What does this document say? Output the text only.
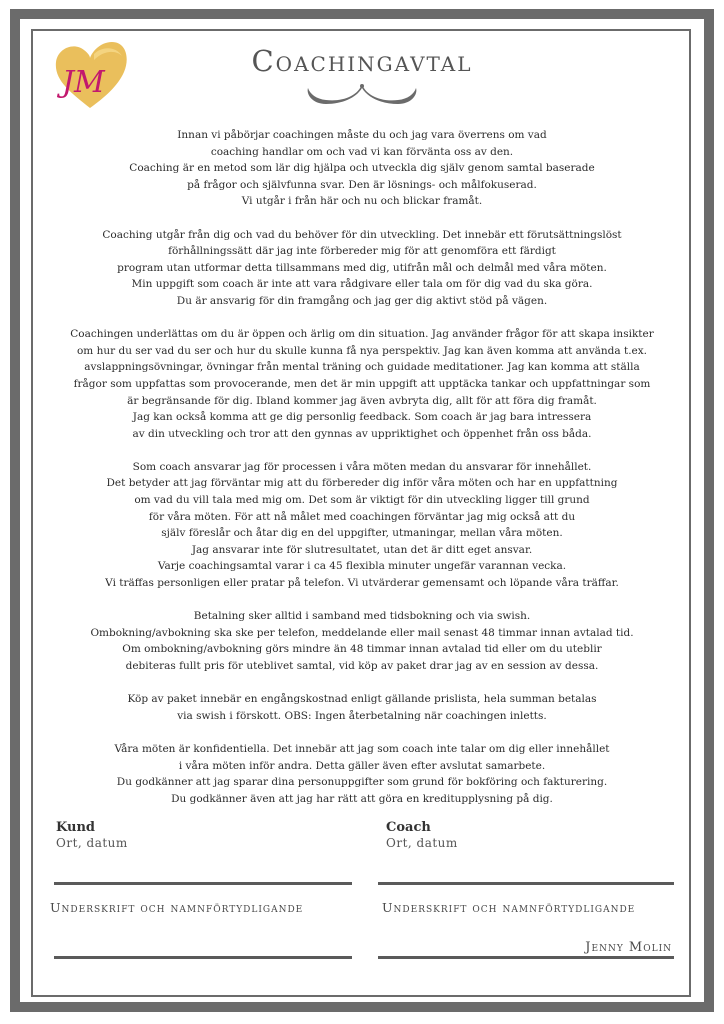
JM
Coachingavtal

Innan vi påbörjar coachingen måste du och jag vara överrens om vad
coaching handlar om och vad vi kan förvänta oss av den.
Coaching är en metod som lär dig hjälpa och utveckla dig själv genom samtal baserade
på frågor och självfunna svar. Den är lösnings- och målfokuserad.
Vi utgår i från här och nu och blickar framåt.

Coaching utgår från dig och vad du behöver för din utveckling. Det innebär ett förutsättningslöst
förhållningssätt där jag inte förbereder mig för att genomföra ett färdigt
program utan utformar detta tillsammans med dig, utifrån mål och delmål med våra möten.
Min uppgift som coach är inte att vara rådgivare eller tala om för dig vad du ska göra.
Du är ansvarig för din framgång och jag ger dig aktivt stöd på vägen.

Coachingen underlättas om du är öppen och ärlig om din situation. Jag använder frågor för att skapa insikter
om hur du ser vad du ser och hur du skulle kunna få nya perspektiv. Jag kan även komma att använda t.ex.
avslappningsövningar, övningar från mental träning och guidade meditationer. Jag kan komma att ställa
frågor som uppfattas som provocerande, men det är min uppgift att upptäcka tankar och uppfattningar som
är begränsande för dig. Ibland kommer jag även avbryta dig, allt för att föra dig framåt.
Jag kan också komma att ge dig personlig feedback. Som coach är jag bara intressera
av din utveckling och tror att den gynnas av uppriktighet och öppenhet från oss båda.

Som coach ansvarar jag för processen i våra möten medan du ansvarar för innehållet.
Det betyder att jag förväntar mig att du förbereder dig inför våra möten och har en uppfattning
om vad du vill tala med mig om. Det som är viktigt för din utveckling ligger till grund
för våra möten. För att nå målet med coachingen förväntar jag mig också att du
själv föreslår och åtar dig en del uppgifter, utmaningar, mellan våra möten.
Jag ansvarar inte för slutresultatet, utan det är ditt eget ansvar.
Varje coachingsamtal varar i ca 45 flexibla minuter ungefär varannan vecka.
Vi träffas personligen eller pratar på telefon. Vi utvärderar gemensamt och löpande våra träffar.

Betalning sker alltid i samband med tidsbokning och via swish.
Ombokning/avbokning ska ske per telefon, meddelande eller mail senast 48 timmar innan avtalad tid.
Om ombokning/avbokning görs mindre än 48 timmar innan avtalad tid eller om du uteblir
debiteras fullt pris för uteblivet samtal, vid köp av paket drar jag av en session av dessa.

Köp av paket innebär en engångskostnad enligt gällande prislista, hela summan betalas
via swish i förskott. OBS: Ingen återbetalning när coachingen inletts.

Våra möten är konfidentiella. Det innebär att jag som coach inte talar om dig eller innehållet
i våra möten inför andra. Detta gäller även efter avslutat samarbete.
Du godkänner att jag sparar dina personuppgifter som grund för bokföring och fakturering.
Du godkänner även att jag har rätt att göra en kreditupplysning på dig.

Kund
Ort, datum
Coach
Ort, datum
Underskrift och namnförtydligande	Underskrift och namnförtydligande
Jenny Molin
